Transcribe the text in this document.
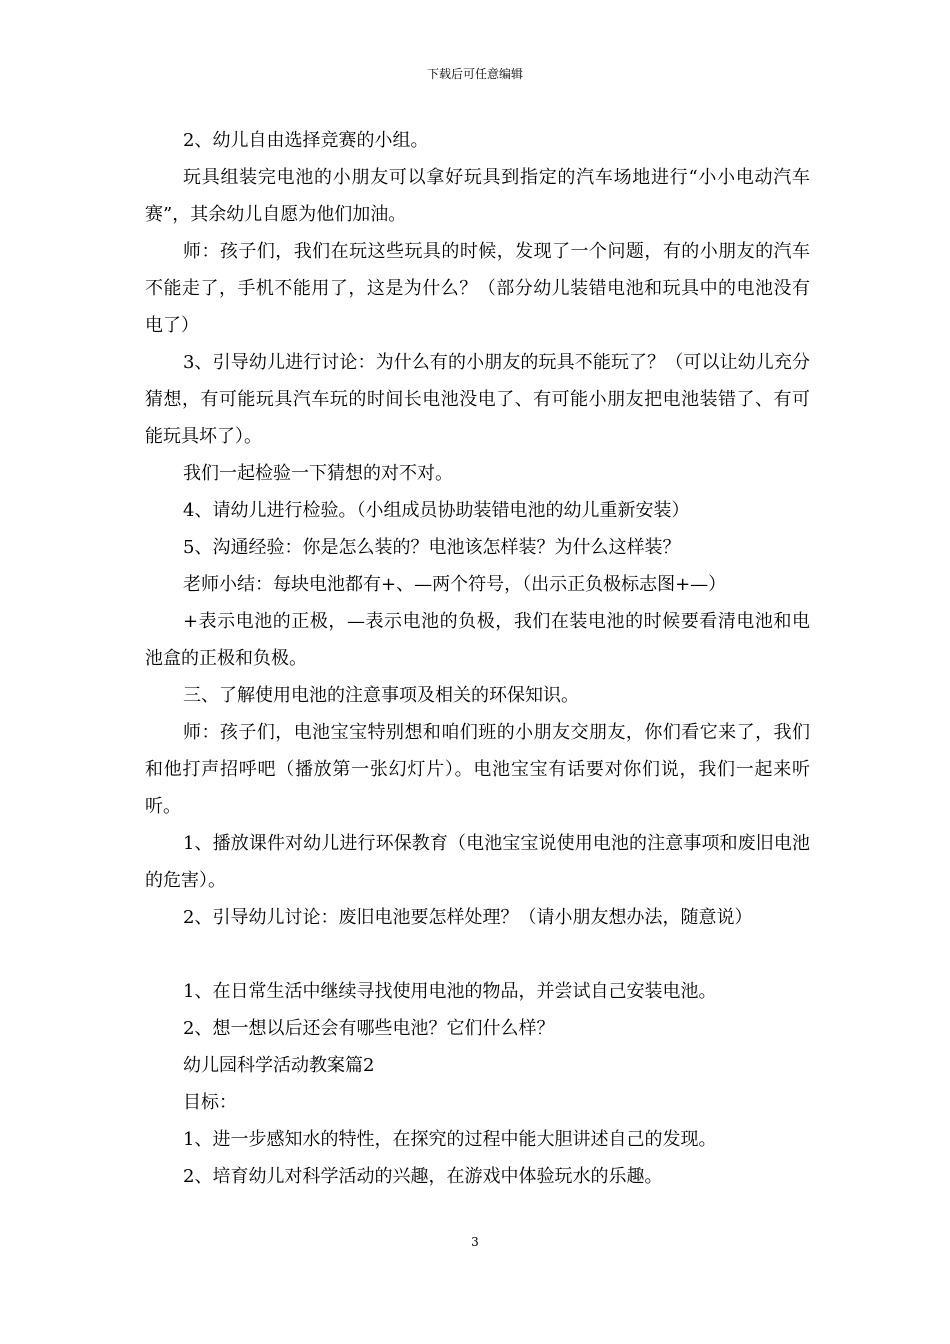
下载后可任意编辑

2、幼儿自由选择竞赛的小组。

玩具组装完电池的小朋友可以拿好玩具到指定的汽车场地进行“小小电动汽车赛”，其余幼儿自愿为他们加油。

师：孩子们，我们在玩这些玩具的时候，发现了一个问题，有的小朋友的汽车不能走了，手机不能用了，这是为什么？（部分幼儿装错电池和玩具中的电池没有电了）

3、引导幼儿进行讨论：为什么有的小朋友的玩具不能玩了？（可以让幼儿充分猜想，有可能玩具汽车玩的时间长电池没电了、有可能小朋友把电池装错了、有可能玩具坏了）。

我们一起检验一下猜想的对不对。

4、请幼儿进行检验。（小组成员协助装错电池的幼儿重新安装）

5、沟通经验：你是怎么装的？电池该怎样装？为什么这样装？

老师小结：每块电池都有+、—两个符号，（出示正负极标志图+—）

+表示电池的正极，—表示电池的负极，我们在装电池的时候要看清电池和电池盒的正极和负极。

三、了解使用电池的注意事项及相关的环保知识。

师：孩子们，电池宝宝特别想和咱们班的小朋友交朋友，你们看它来了，我们和他打声招呼吧（播放第一张幻灯片）。电池宝宝有话要对你们说，我们一起来听听。

1、播放课件对幼儿进行环保教育（电池宝宝说使用电池的注意事项和废旧电池的危害）。

2、引导幼儿讨论：废旧电池要怎样处理？（请小朋友想办法，随意说）

1、在日常生活中继续寻找使用电池的物品，并尝试自己安装电池。

2、想一想以后还会有哪些电池？它们什么样？

幼儿园科学活动教案篇2

目标：

1、进一步感知水的特性，在探究的过程中能大胆讲述自己的发现。

2、培育幼儿对科学活动的兴趣，在游戏中体验玩水的乐趣。

3
